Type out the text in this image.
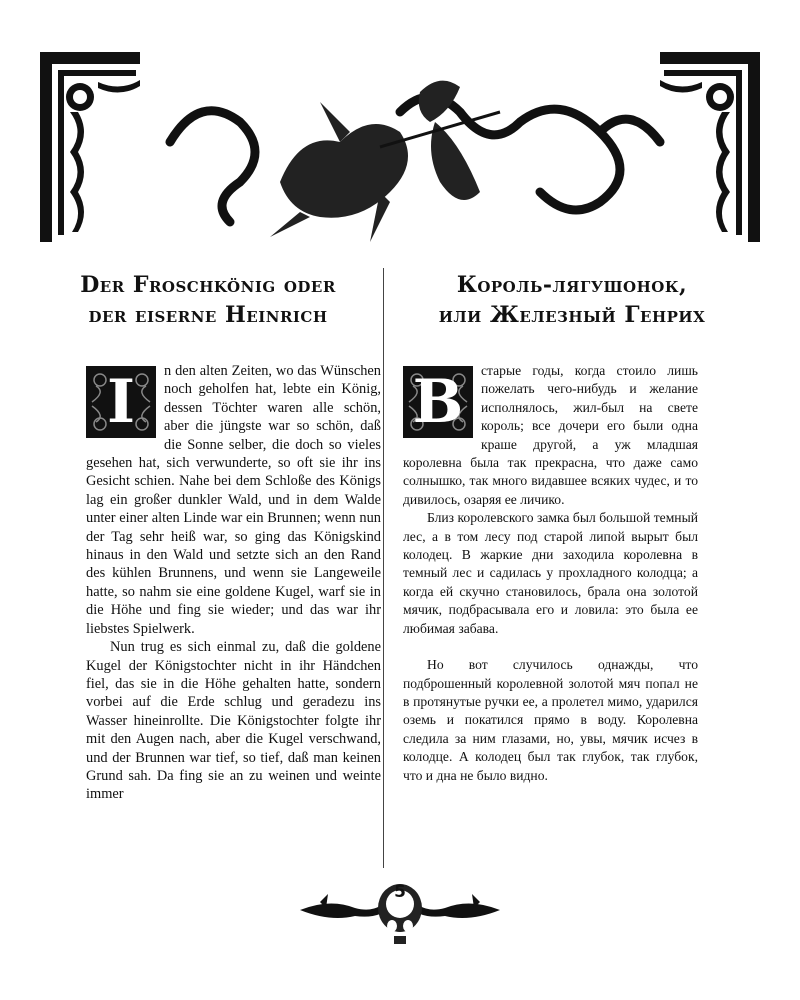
Der Froschkönig oder
der eiserne Heinrich
Король-лягушонок,
или Железный Генрих
I	n den alten Zeiten, wo das Wünschen noch geholfen hat, lebte ein König, dessen Töchter waren alle schön, aber die jüngste war so schön, daß die Sonne selber, die doch so vieles gesehen hat, sich verwunderte, so oft sie ihr ins Gesicht schien. Nahe bei dem Schloße des Königs lag ein großer dunkler Wald, und in dem Walde unter einer alten Linde war ein Brunnen; wenn nun der Tag sehr heiß war, so ging das Königskind hinaus in den Wald und setzte sich an den Rand des kühlen Brunnens, und wenn sie Langeweile hatte, so nahm sie eine goldene Kugel, warf sie in die Höhe und fing sie wieder; und das war ihr liebstes Spielwerk.

Nun trug es sich einmal zu, daß die goldene Kugel der Königstochter nicht in ihr Händchen fiel, das sie in die Höhe gehalten hatte, sondern vorbei auf die Erde schlug und geradezu ins Wasser hineinrollte. Die Königstochter folgte ihr mit den Augen nach, aber die Kugel verschwand, und der Brunnen war tief, so tief, daß man keinen Grund sah. Da fing sie an zu weinen und weinte immer

В	старые годы, когда стоило лишь пожелать чего-нибудь и желание исполнялось, жил-был на свете король; все дочери его были одна краше другой, а уж младшая королевна была так прекрасна, что даже само солнышко, так много видавшее всяких чудес, и то дивилось, озаряя ее личико.

Близ королевского замка был большой темный лес, а в том лесу под старой липой вырыт был колодец. В жаркие дни заходила королевна в темный лес и садилась у прохладного колодца; а когда ей скучно становилось, брала она золотой мячик, подбрасывала его и ловила: это была ее любимая забава.

Но вот случилось однажды, что подброшенный королевной золотой мяч попал не в протянутые ручки ее, а пролетел мимо, ударился оземь и покатился прямо в воду. Королевна следила за ним глазами, но, увы, мячик исчез в колодце. А колодец был так глубок, так глубок, что и дна не было видно.

5
